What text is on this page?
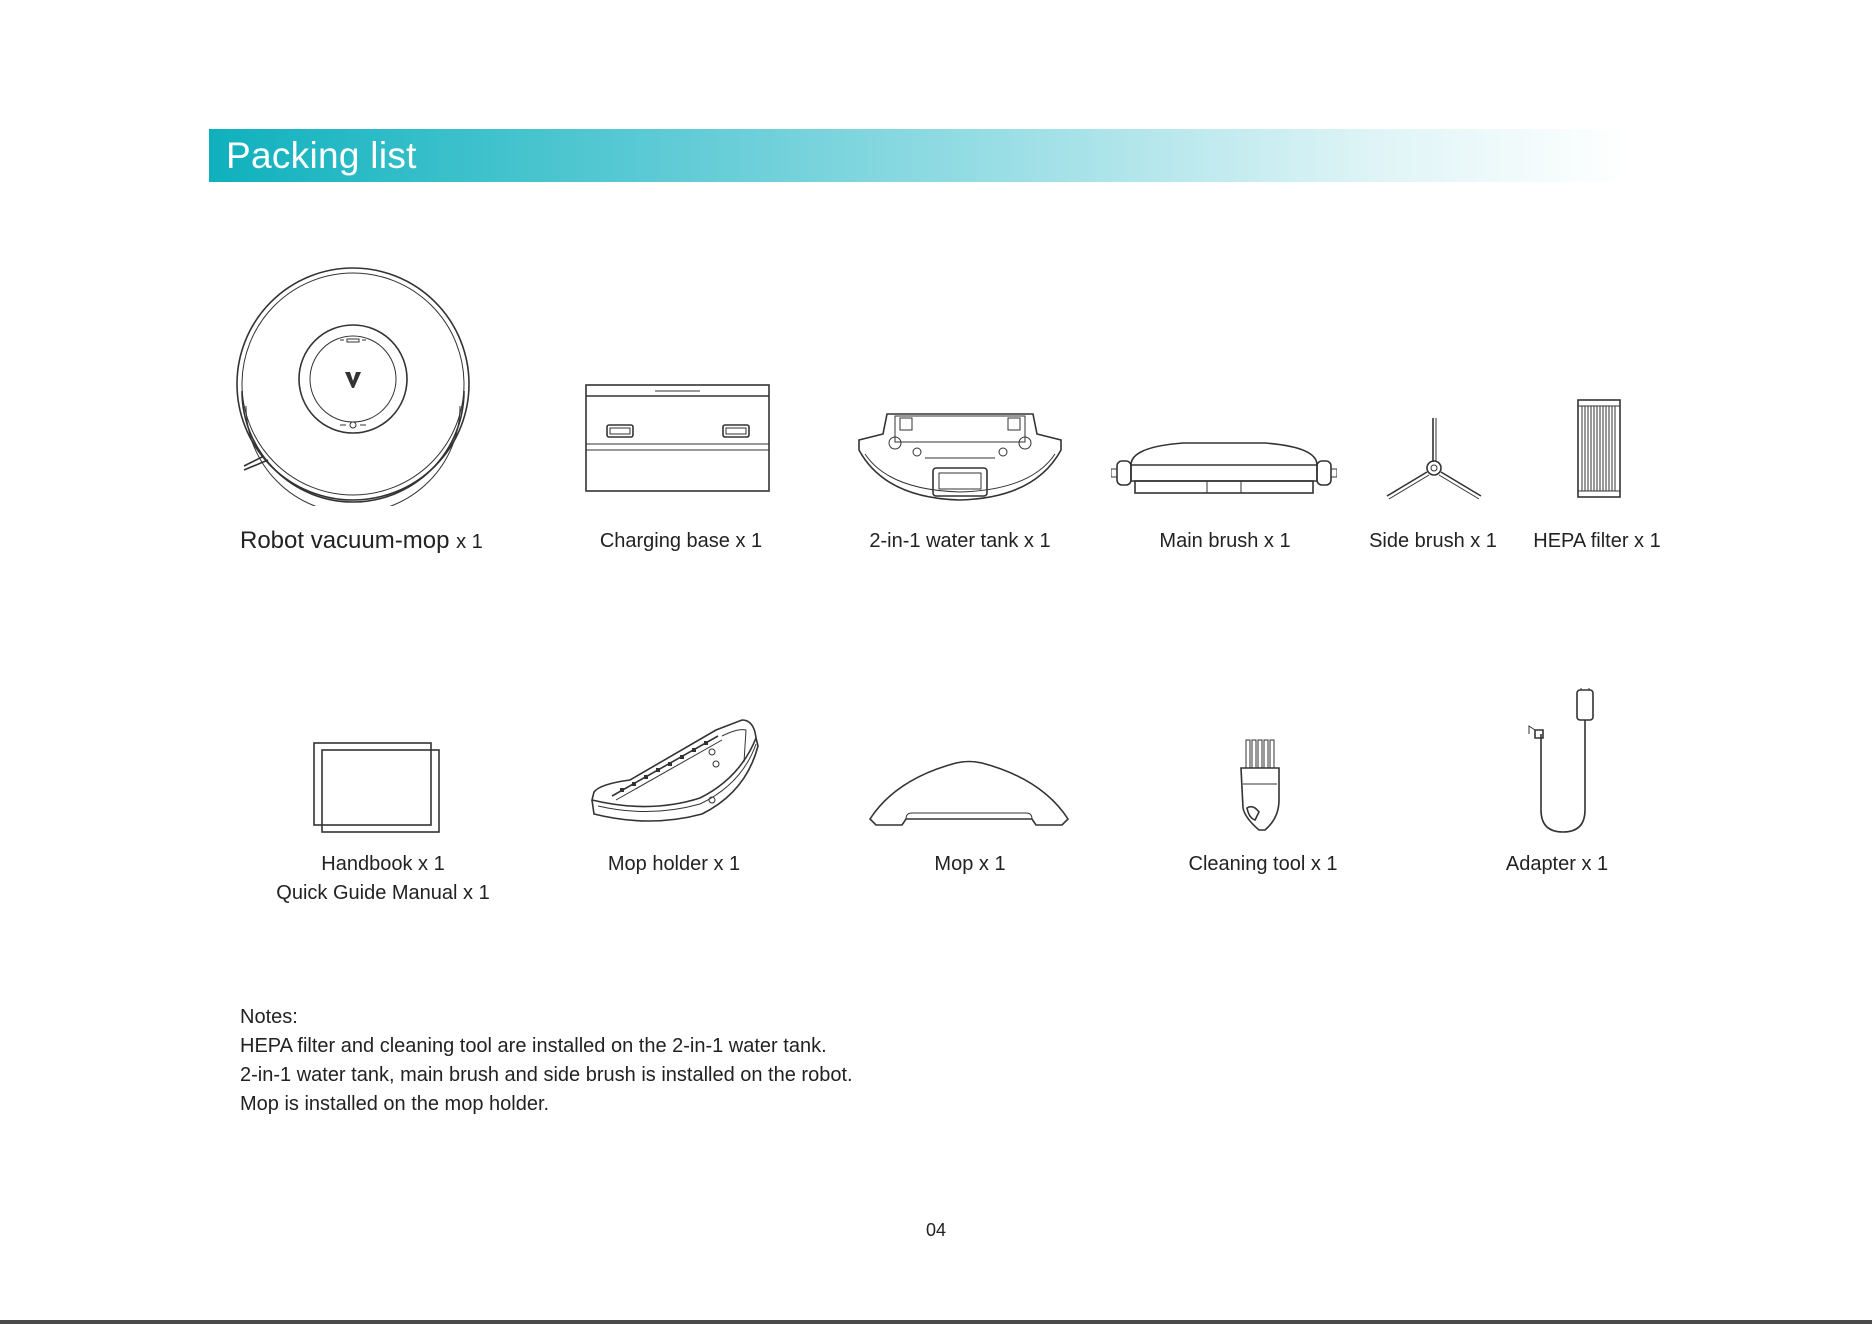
Packing list
Robot vacuum-mop x 1	Charging base x 1	2-in-1 water tank x 1	Main brush x 1	Side brush x 1 HEPA filter x 1
Handbook x 1
Quick Guide Manual x 1
Mop holder x 1	Mop x 1	Cleaning tool x 1	Adapter x 1
Notes:
HEPA filter and cleaning tool are installed on the 2-in-1 water tank.
2-in-1 water tank, main brush and side brush is installed on the robot.
Mop is installed on the mop holder.
04
